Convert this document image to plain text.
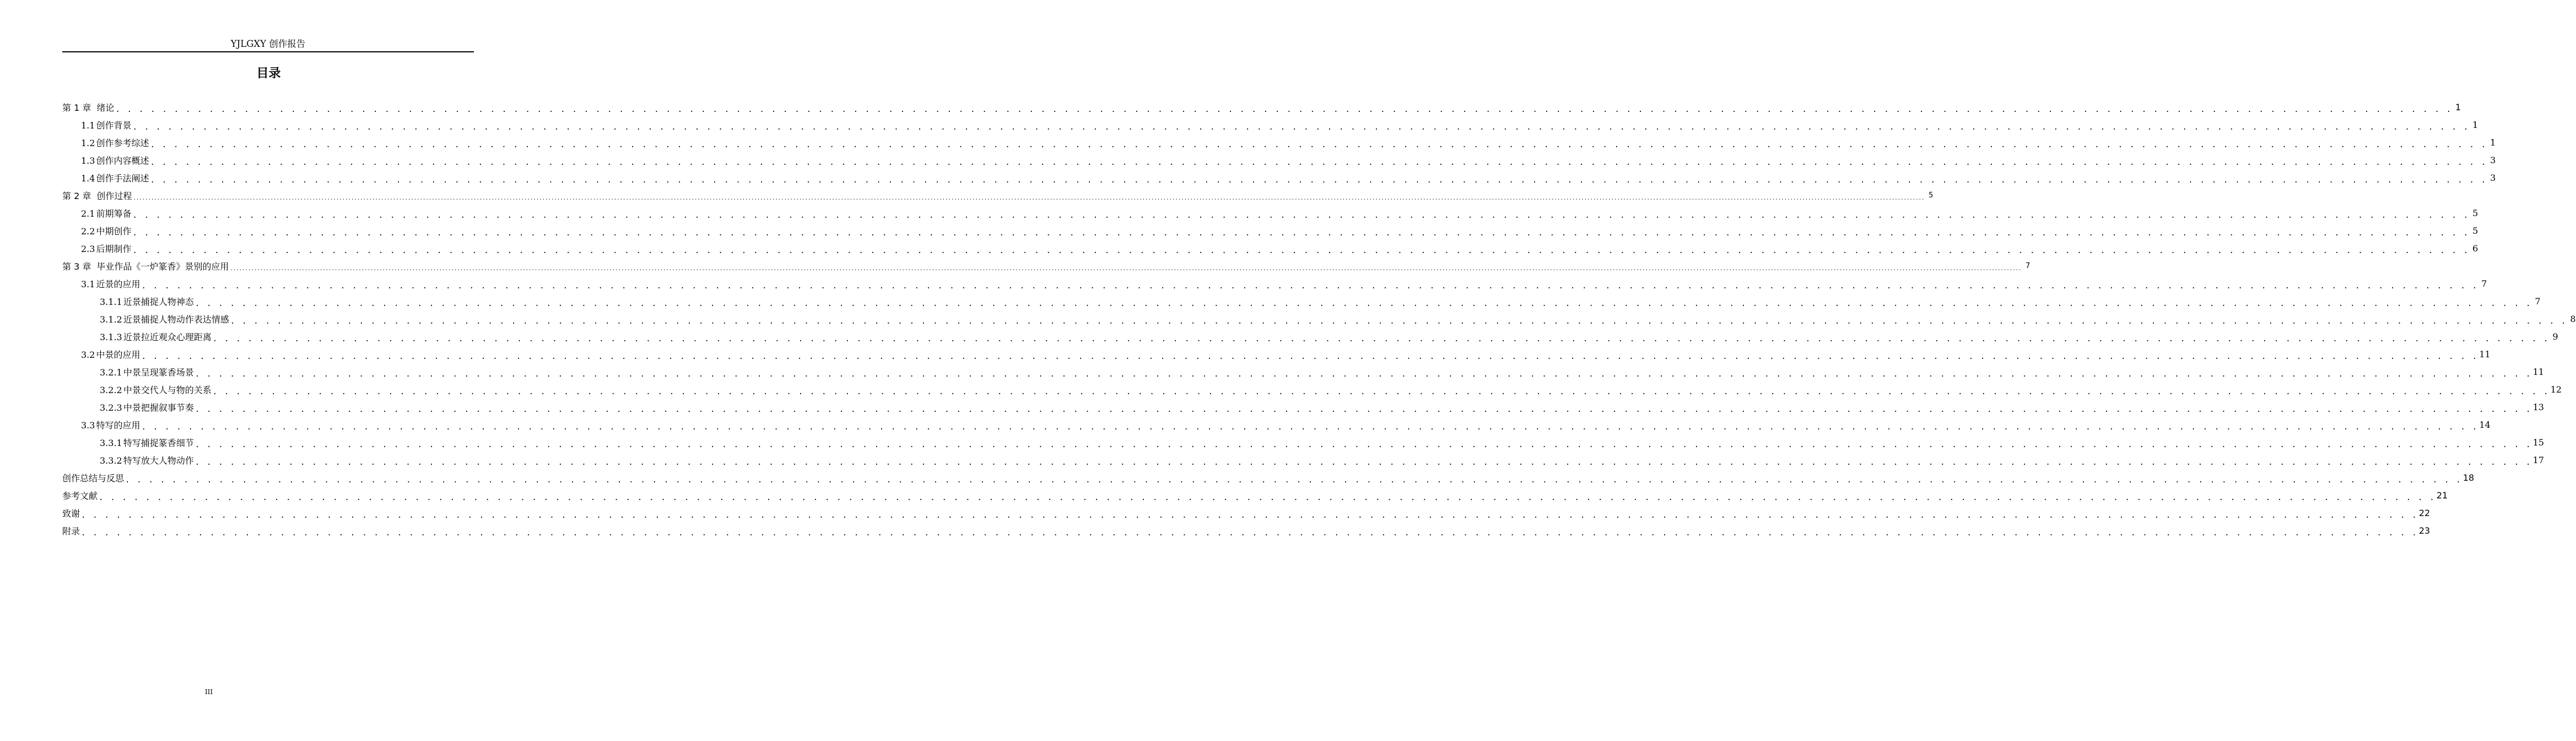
YJLGXY 创作报告
目录
第 1 章 绪论 . . . . . . . . . . . . . . . . . . . . . . . . . . . . . . . . . . . . . . . . . . . . . . . . . . . . . . . . . . . . . . . . . . . . . . . . . . . . . . . . . . . . . . . . . . . . . . . . . . . . . . . . . . . . . . . . . . . . . . . . . . . . . . . . . . . . . . . . . . . . . . . . . . . . . . . . . . . . . . . . . . . . . . . . . . . . . . . . . . . . . . . . . . . . . . . . . . . . . . . . 1
1.1 创作背景 . . . . . . . . . . . . . . . . . . . . . . . . . . . . . . . . . . . . . . . . . . . . . . . . . . . . . . . . . . . . . . . . . . . . . . . . . . . . . . . . . . . . . . . . . . . . . . . . . . . . . . . . . . . . . . . . . . . . . . . . . . . . . . . . . . . . . . . . . . . . . . . . . . . . . . . . . . . . . . . . . . . . . . . . . . . . . . . . . . . . . . . . . . . . . . . . . . . . . . . . 1
1.2 创作参考综述 . . . . . . . . . . . . . . . . . . . . . . . . . . . . . . . . . . . . . . . . . . . . . . . . . . . . . . . . . . . . . . . . . . . . . . . . . . . . . . . . . . . . . . . . . . . . . . . . . . . . . . . . . . . . . . . . . . . . . . . . . . . . . . . . . . . . . . . . . . . . . . . . . . . . . . . . . . . . . . . . . . . . . . . . . . . . . . . . . . . . . . . . . . . . . . . . . . . . . . . . 1
1.3 创作内容概述 . . . . . . . . . . . . . . . . . . . . . . . . . . . . . . . . . . . . . . . . . . . . . . . . . . . . . . . . . . . . . . . . . . . . . . . . . . . . . . . . . . . . . . . . . . . . . . . . . . . . . . . . . . . . . . . . . . . . . . . . . . . . . . . . . . . . . . . . . . . . . . . . . . . . . . . . . . . . . . . . . . . . . . . . . . . . . . . . . . . . . . . . . . . . . . . . . . . . . . . . 3
1.4 创作手法阐述 . . . . . . . . . . . . . . . . . . . . . . . . . . . . . . . . . . . . . . . . . . . . . . . . . . . . . . . . . . . . . . . . . . . . . . . . . . . . . . . . . . . . . . . . . . . . . . . . . . . . . . . . . . . . . . . . . . . . . . . . . . . . . . . . . . . . . . . . . . . . . . . . . . . . . . . . . . . . . . . . . . . . . . . . . . . . . . . . . . . . . . . . . . . . . . . . . . . . . . . . 3
第 2 章 创作过程 ........................................................................................................................................................................................................................................................................................................................................................................................................................................................................................................................................................................................................................ 5
2.1 前期筹备 . . . . . . . . . . . . . . . . . . . . . . . . . . . . . . . . . . . . . . . . . . . . . . . . . . . . . . . . . . . . . . . . . . . . . . . . . . . . . . . . . . . . . . . . . . . . . . . . . . . . . . . . . . . . . . . . . . . . . . . . . . . . . . . . . . . . . . . . . . . . . . . . . . . . . . . . . . . . . . . . . . . . . . . . . . . . . . . . . . . . . . . . . . . . . . . . . . . . . . . . 5
2.2 中期创作 . . . . . . . . . . . . . . . . . . . . . . . . . . . . . . . . . . . . . . . . . . . . . . . . . . . . . . . . . . . . . . . . . . . . . . . . . . . . . . . . . . . . . . . . . . . . . . . . . . . . . . . . . . . . . . . . . . . . . . . . . . . . . . . . . . . . . . . . . . . . . . . . . . . . . . . . . . . . . . . . . . . . . . . . . . . . . . . . . . . . . . . . . . . . . . . . . . . . . . . . 5
2.3 后期制作 . . . . . . . . . . . . . . . . . . . . . . . . . . . . . . . . . . . . . . . . . . . . . . . . . . . . . . . . . . . . . . . . . . . . . . . . . . . . . . . . . . . . . . . . . . . . . . . . . . . . . . . . . . . . . . . . . . . . . . . . . . . . . . . . . . . . . . . . . . . . . . . . . . . . . . . . . . . . . . . . . . . . . . . . . . . . . . . . . . . . . . . . . . . . . . . . . . . . . . . . 6
第 3 章 毕业作品《一炉篆香》景别的应用 ........................................................................................................................................................................................................................................................................................................................................................................................................................................................................................................................................................................................................................ 7
3.1 近景的应用 . . . . . . . . . . . . . . . . . . . . . . . . . . . . . . . . . . . . . . . . . . . . . . . . . . . . . . . . . . . . . . . . . . . . . . . . . . . . . . . . . . . . . . . . . . . . . . . . . . . . . . . . . . . . . . . . . . . . . . . . . . . . . . . . . . . . . . . . . . . . . . . . . . . . . . . . . . . . . . . . . . . . . . . . . . . . . . . . . . . . . . . . . . . . . . . . . . . . . . . . 7
3.1.1 近景捕捉人物神态 . . . . . . . . . . . . . . . . . . . . . . . . . . . . . . . . . . . . . . . . . . . . . . . . . . . . . . . . . . . . . . . . . . . . . . . . . . . . . . . . . . . . . . . . . . . . . . . . . . . . . . . . . . . . . . . . . . . . . . . . . . . . . . . . . . . . . . . . . . . . . . . . . . . . . . . . . . . . . . . . . . . . . . . . . . . . . . . . . . . . . . . . . . . . . . . . . . . . . . . . 7
3.1.2 近景捕捉人物动作表达情感 . . . . . . . . . . . . . . . . . . . . . . . . . . . . . . . . . . . . . . . . . . . . . . . . . . . . . . . . . . . . . . . . . . . . . . . . . . . . . . . . . . . . . . . . . . . . . . . . . . . . . . . . . . . . . . . . . . . . . . . . . . . . . . . . . . . . . . . . . . . . . . . . . . . . . . . . . . . . . . . . . . . . . . . . . . . . . . . . . . . . . . . . . . . . . . . . . . . . . . . . 8
3.1.3 近景拉近观众心理距离 . . . . . . . . . . . . . . . . . . . . . . . . . . . . . . . . . . . . . . . . . . . . . . . . . . . . . . . . . . . . . . . . . . . . . . . . . . . . . . . . . . . . . . . . . . . . . . . . . . . . . . . . . . . . . . . . . . . . . . . . . . . . . . . . . . . . . . . . . . . . . . . . . . . . . . . . . . . . . . . . . . . . . . . . . . . . . . . . . . . . . . . . . . . . . . . . . . . . . . . . 9
3.2 中景的应用 . . . . . . . . . . . . . . . . . . . . . . . . . . . . . . . . . . . . . . . . . . . . . . . . . . . . . . . . . . . . . . . . . . . . . . . . . . . . . . . . . . . . . . . . . . . . . . . . . . . . . . . . . . . . . . . . . . . . . . . . . . . . . . . . . . . . . . . . . . . . . . . . . . . . . . . . . . . . . . . . . . . . . . . . . . . . . . . . . . . . . . . . . . . . . . . . . . . . . . . . 11
3.2.1 中景呈现篆香场景 . . . . . . . . . . . . . . . . . . . . . . . . . . . . . . . . . . . . . . . . . . . . . . . . . . . . . . . . . . . . . . . . . . . . . . . . . . . . . . . . . . . . . . . . . . . . . . . . . . . . . . . . . . . . . . . . . . . . . . . . . . . . . . . . . . . . . . . . . . . . . . . . . . . . . . . . . . . . . . . . . . . . . . . . . . . . . . . . . . . . . . . . . . . . . . . . . . . . . . . . 11
3.2.2 中景交代人与物的关系 . . . . . . . . . . . . . . . . . . . . . . . . . . . . . . . . . . . . . . . . . . . . . . . . . . . . . . . . . . . . . . . . . . . . . . . . . . . . . . . . . . . . . . . . . . . . . . . . . . . . . . . . . . . . . . . . . . . . . . . . . . . . . . . . . . . . . . . . . . . . . . . . . . . . . . . . . . . . . . . . . . . . . . . . . . . . . . . . . . . . . . . . . . . . . . . . . . . . . . . . 12
3.2.3 中景把握叙事节奏 . . . . . . . . . . . . . . . . . . . . . . . . . . . . . . . . . . . . . . . . . . . . . . . . . . . . . . . . . . . . . . . . . . . . . . . . . . . . . . . . . . . . . . . . . . . . . . . . . . . . . . . . . . . . . . . . . . . . . . . . . . . . . . . . . . . . . . . . . . . . . . . . . . . . . . . . . . . . . . . . . . . . . . . . . . . . . . . . . . . . . . . . . . . . . . . . . . . . . . . . 13
3.3 特写的应用 . . . . . . . . . . . . . . . . . . . . . . . . . . . . . . . . . . . . . . . . . . . . . . . . . . . . . . . . . . . . . . . . . . . . . . . . . . . . . . . . . . . . . . . . . . . . . . . . . . . . . . . . . . . . . . . . . . . . . . . . . . . . . . . . . . . . . . . . . . . . . . . . . . . . . . . . . . . . . . . . . . . . . . . . . . . . . . . . . . . . . . . . . . . . . . . . . . . . . . . . 14
3.3.1 特写捕捉篆香细节 . . . . . . . . . . . . . . . . . . . . . . . . . . . . . . . . . . . . . . . . . . . . . . . . . . . . . . . . . . . . . . . . . . . . . . . . . . . . . . . . . . . . . . . . . . . . . . . . . . . . . . . . . . . . . . . . . . . . . . . . . . . . . . . . . . . . . . . . . . . . . . . . . . . . . . . . . . . . . . . . . . . . . . . . . . . . . . . . . . . . . . . . . . . . . . . . . . . . . . . . 15
3.3.2 特写放大人物动作 . . . . . . . . . . . . . . . . . . . . . . . . . . . . . . . . . . . . . . . . . . . . . . . . . . . . . . . . . . . . . . . . . . . . . . . . . . . . . . . . . . . . . . . . . . . . . . . . . . . . . . . . . . . . . . . . . . . . . . . . . . . . . . . . . . . . . . . . . . . . . . . . . . . . . . . . . . . . . . . . . . . . . . . . . . . . . . . . . . . . . . . . . . . . . . . . . . . . . . . . 17
创作总结与反思 . . . . . . . . . . . . . . . . . . . . . . . . . . . . . . . . . . . . . . . . . . . . . . . . . . . . . . . . . . . . . . . . . . . . . . . . . . . . . . . . . . . . . . . . . . . . . . . . . . . . . . . . . . . . . . . . . . . . . . . . . . . . . . . . . . . . . . . . . . . . . . . . . . . . . . . . . . . . . . . . . . . . . . . . . . . . . . . . . . . . . . . . . . . . . . . . . . . . . . . . 18
参考文献 . . . . . . . . . . . . . . . . . . . . . . . . . . . . . . . . . . . . . . . . . . . . . . . . . . . . . . . . . . . . . . . . . . . . . . . . . . . . . . . . . . . . . . . . . . . . . . . . . . . . . . . . . . . . . . . . . . . . . . . . . . . . . . . . . . . . . . . . . . . . . . . . . . . . . . . . . . . . . . . . . . . . . . . . . . . . . . . . . . . . . . . . . . . . . . . . . . . . . . . . 21
致谢 . . . . . . . . . . . . . . . . . . . . . . . . . . . . . . . . . . . . . . . . . . . . . . . . . . . . . . . . . . . . . . . . . . . . . . . . . . . . . . . . . . . . . . . . . . . . . . . . . . . . . . . . . . . . . . . . . . . . . . . . . . . . . . . . . . . . . . . . . . . . . . . . . . . . . . . . . . . . . . . . . . . . . . . . . . . . . . . . . . . . . . . . . . . . . . . . . . . . . . . . 22
附录 . . . . . . . . . . . . . . . . . . . . . . . . . . . . . . . . . . . . . . . . . . . . . . . . . . . . . . . . . . . . . . . . . . . . . . . . . . . . . . . . . . . . . . . . . . . . . . . . . . . . . . . . . . . . . . . . . . . . . . . . . . . . . . . . . . . . . . . . . . . . . . . . . . . . . . . . . . . . . . . . . . . . . . . . . . . . . . . . . . . . . . . . . . . . . . . . . . . . . . . . 23
III
